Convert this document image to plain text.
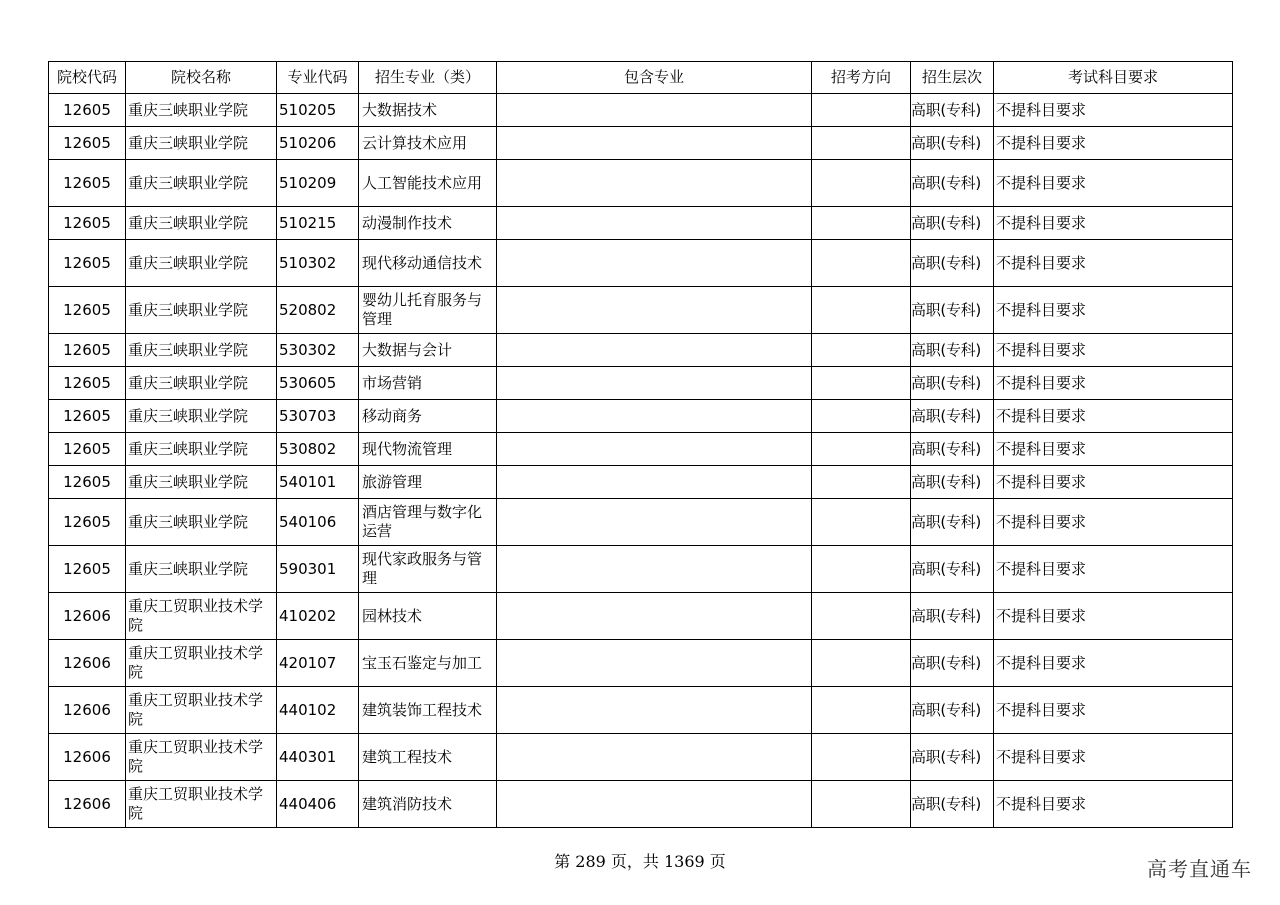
院校代码	院校名称	专业代码	招生专业（类）	包含专业	招考方向	招生层次	考试科目要求
12605	重庆三峡职业学院	510205	大数据技术			高职(专科)	不提科目要求
12605	重庆三峡职业学院	510206	云计算技术应用			高职(专科)	不提科目要求
12605	重庆三峡职业学院	510209	人工智能技术应用			高职(专科)	不提科目要求
12605	重庆三峡职业学院	510215	动漫制作技术			高职(专科)	不提科目要求
12605	重庆三峡职业学院	510302	现代移动通信技术			高职(专科)	不提科目要求
12605	重庆三峡职业学院	520802	婴幼儿托育服务与管理			高职(专科)	不提科目要求
12605	重庆三峡职业学院	530302	大数据与会计			高职(专科)	不提科目要求
12605	重庆三峡职业学院	530605	市场营销			高职(专科)	不提科目要求
12605	重庆三峡职业学院	530703	移动商务			高职(专科)	不提科目要求
12605	重庆三峡职业学院	530802	现代物流管理			高职(专科)	不提科目要求
12605	重庆三峡职业学院	540101	旅游管理			高职(专科)	不提科目要求
12605	重庆三峡职业学院	540106	酒店管理与数字化运营			高职(专科)	不提科目要求
12605	重庆三峡职业学院	590301	现代家政服务与管理			高职(专科)	不提科目要求
12606	重庆工贸职业技术学院	410202	园林技术			高职(专科)	不提科目要求
12606	重庆工贸职业技术学院	420107	宝玉石鉴定与加工			高职(专科)	不提科目要求
12606	重庆工贸职业技术学院	440102	建筑装饰工程技术			高职(专科)	不提科目要求
12606	重庆工贸职业技术学院	440301	建筑工程技术			高职(专科)	不提科目要求
12606	重庆工贸职业技术学院	440406	建筑消防技术			高职(专科)	不提科目要求
第 289 页，共 1369 页	高考直通车
